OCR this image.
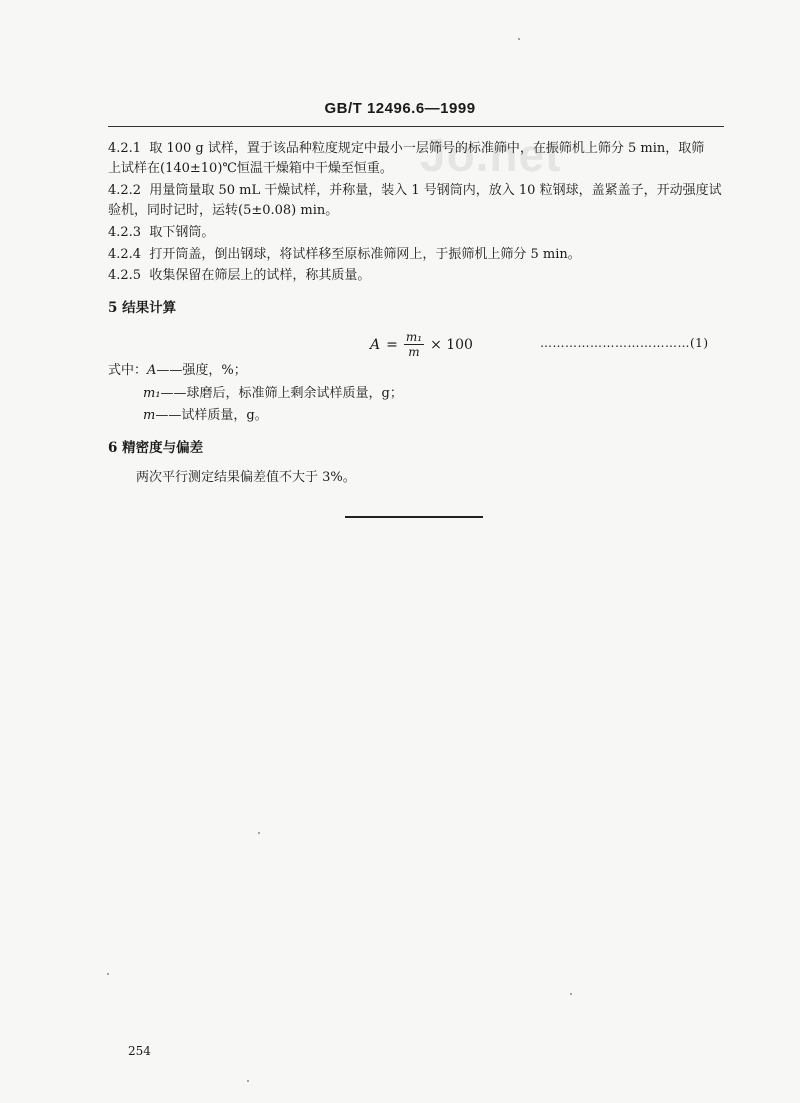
GB/T 12496.6—1999
Jo.net
4.2.1 取 100 g 试样，置于该品种粒度规定中最小一层筛号的标准筛中，在振筛机上筛分 5 min，取筛
上试样在(140±10)℃恒温干燥箱中干燥至恒重。
4.2.2 用量筒量取 50 mL 干燥试样，并称量，装入 1 号钢筒内，放入 10 粒钢球，盖紧盖子，开动强度试
验机，同时记时，运转(5±0.08) min。
4.2.3 取下钢筒。
4.2.4 打开筒盖，倒出钢球，将试样移至原标准筛网上，于振筛机上筛分 5 min。
4.2.5 收集保留在筛层上的试样，称其质量。
5 结果计算
$A = \frac{\text{m₁}}{m} \times 100$	………………………………(1)
式中：A——强度，%；
m₁——球磨后，标准筛上剩余试样质量，g；
m——试样质量，g。
6 精密度与偏差
两次平行测定结果偏差值不大于 3%。
254
